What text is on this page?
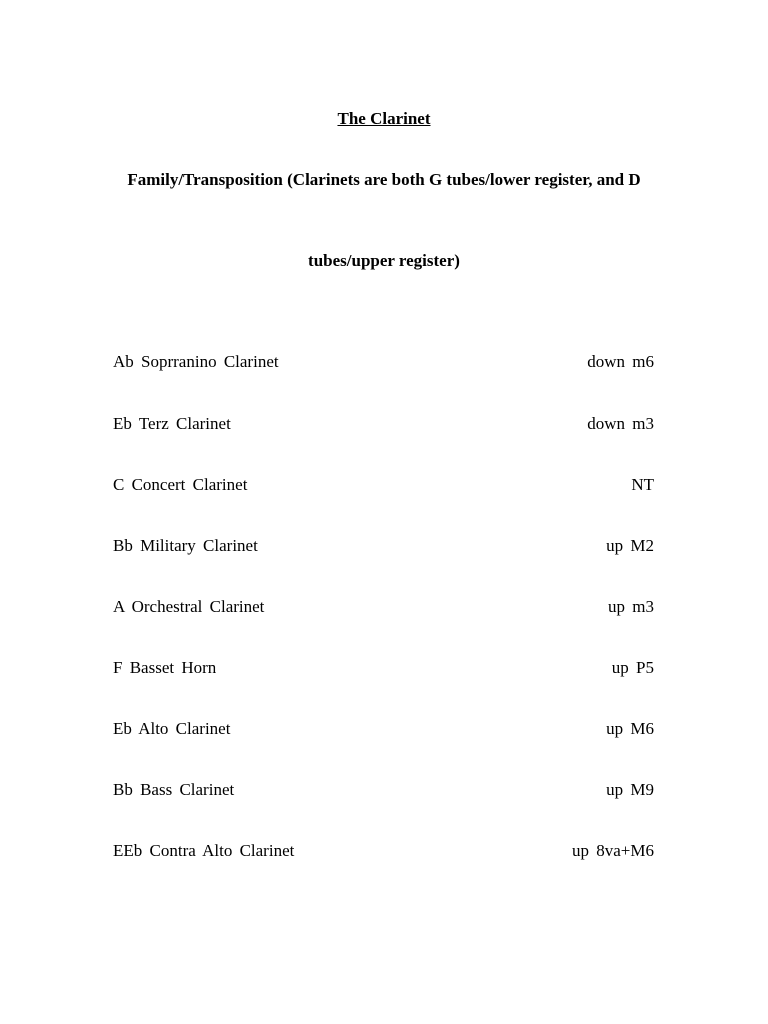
The Clarinet
Family/Transposition (Clarinets are both G tubes/lower register, and D
tubes/upper register)
Ab Soprranino Clarinet	down m6
Eb Terz Clarinet	down m3
C Concert Clarinet	NT
Bb Military Clarinet	up M2
A Orchestral Clarinet	up m3
F Basset Horn	up P5
Eb Alto Clarinet	up M6
Bb Bass Clarinet	up M9
EEb Contra Alto Clarinet	up 8va+M6
